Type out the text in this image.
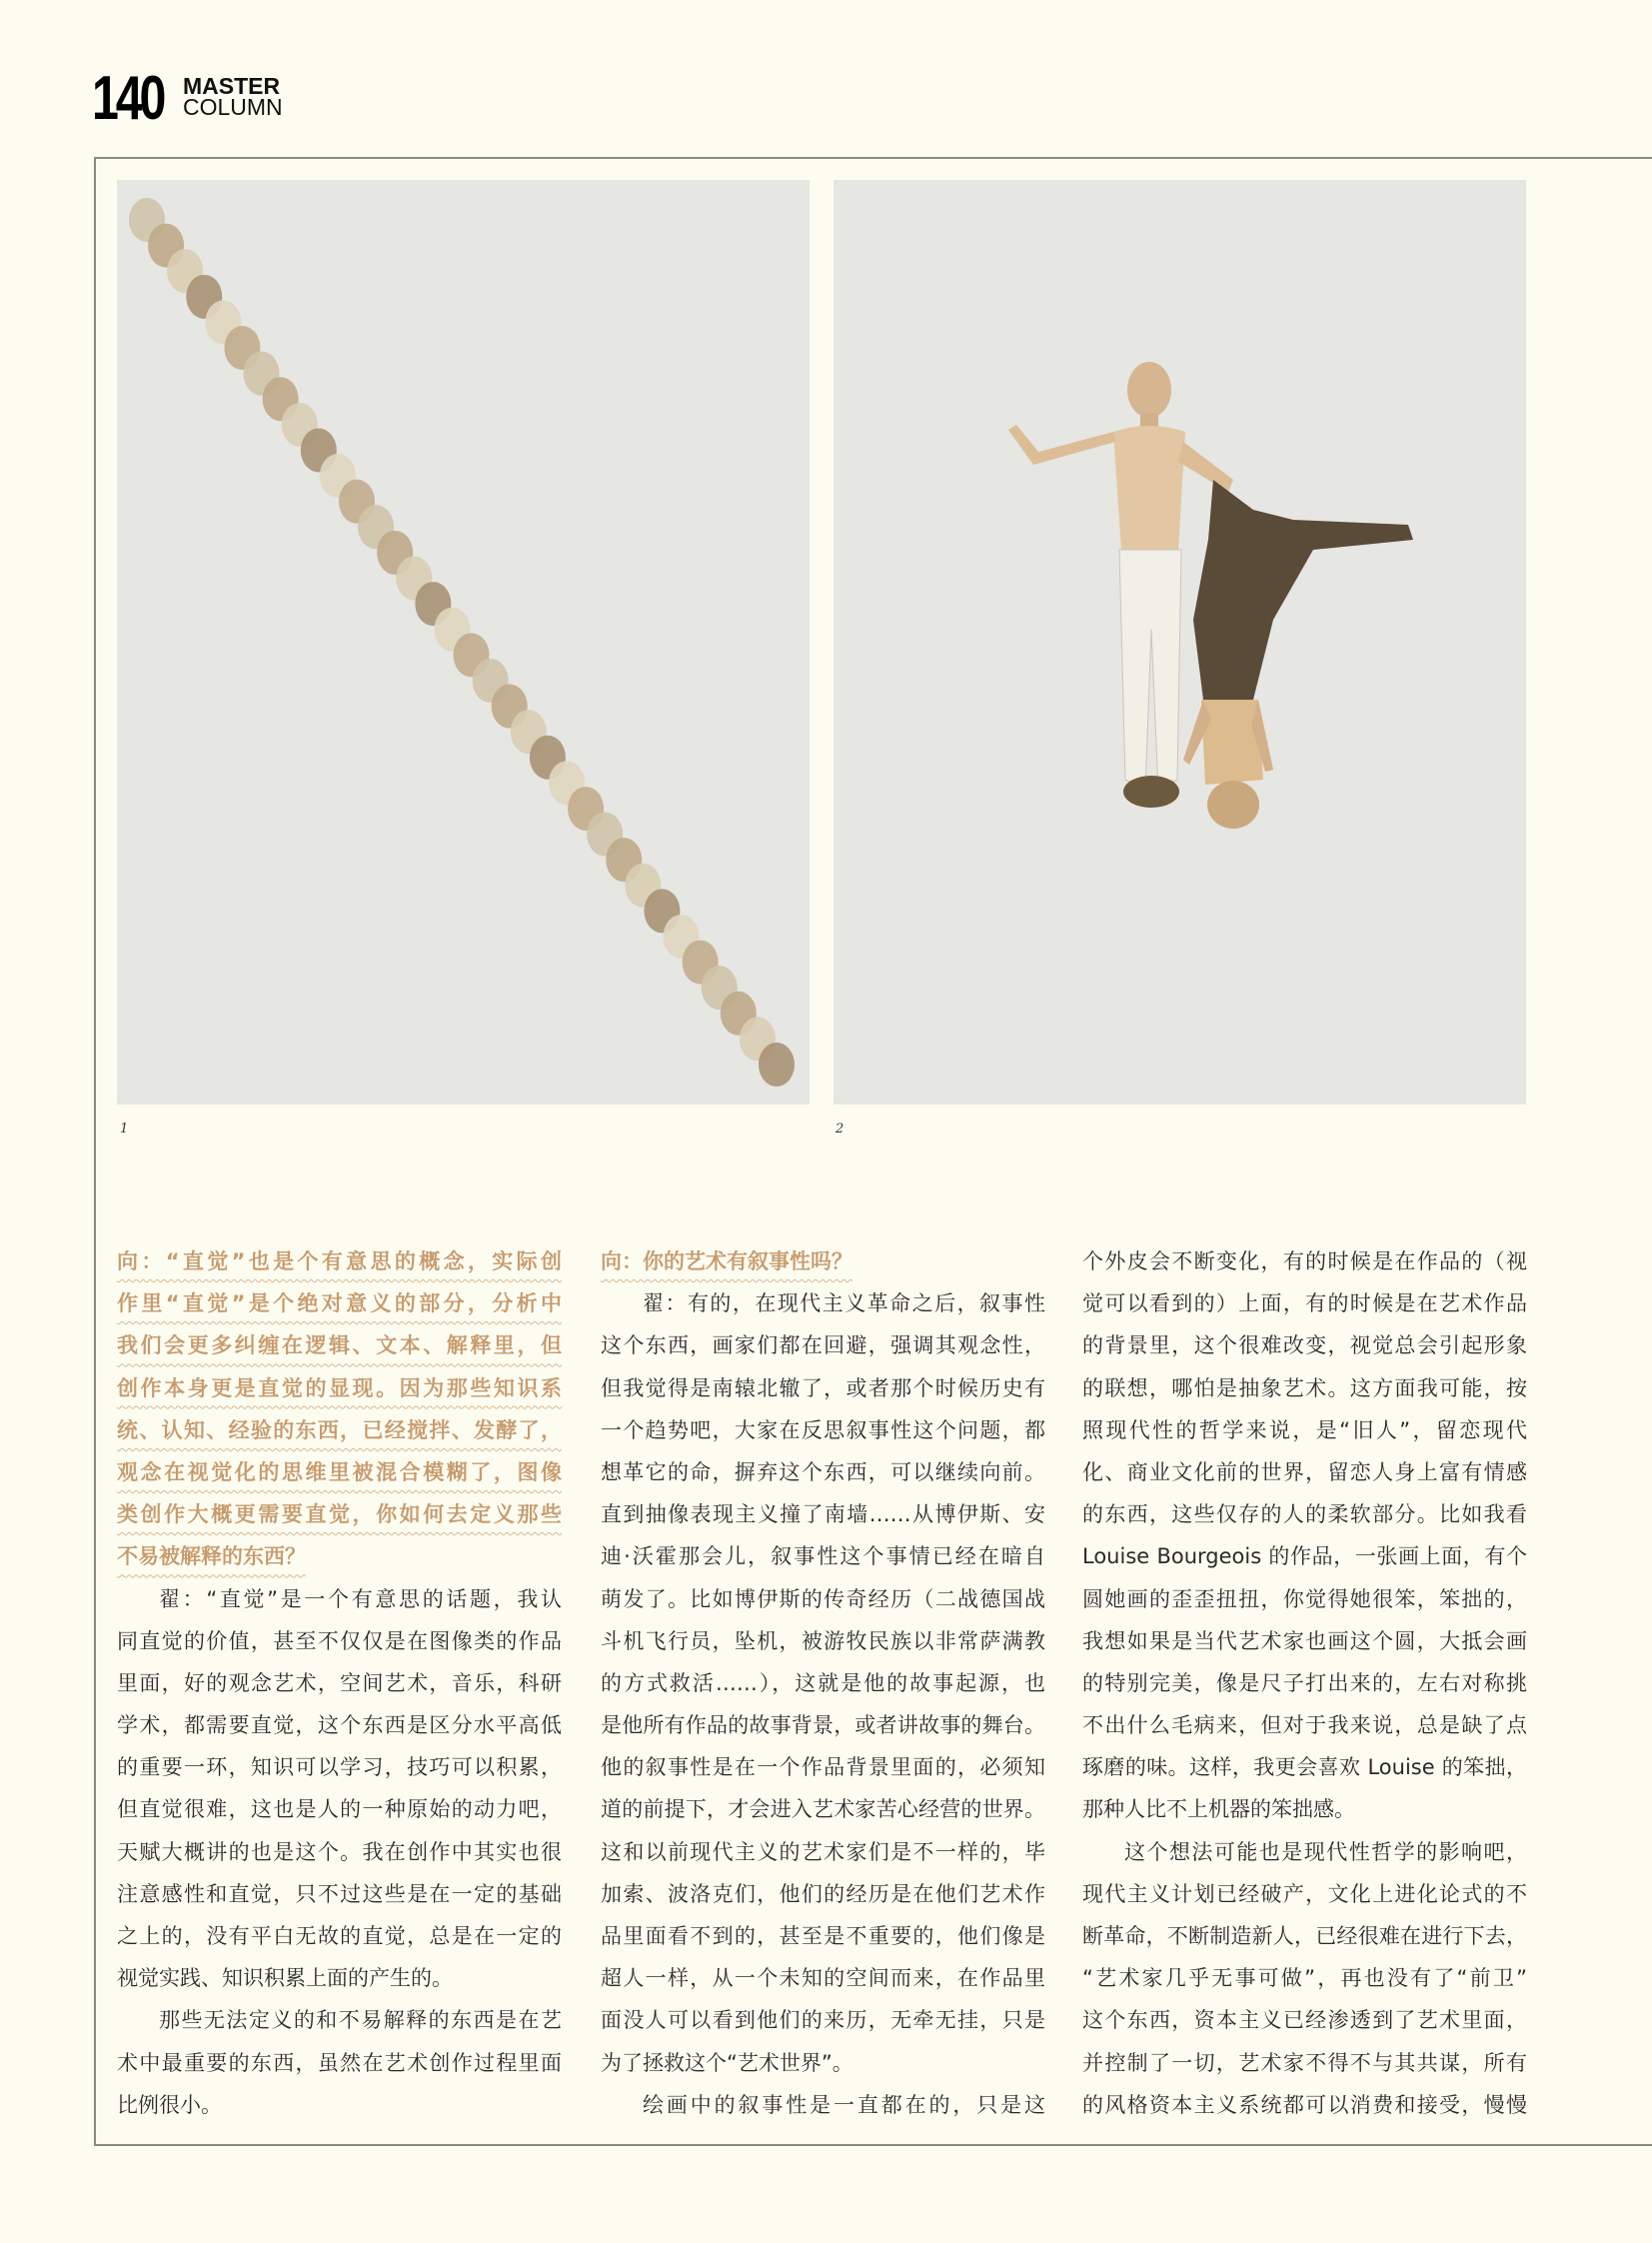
140 MASTER
COLUMN
1	2
向：“直觉”也是个有意思的概念，实际创
作里“直觉”是个绝对意义的部分，分析中
我们会更多纠缠在逻辑、文本、解释里，但
创作本身更是直觉的显现。因为那些知识系
统、认知、经验的东西，已经搅拌、发酵了，
观念在视觉化的思维里被混合模糊了，图像
类创作大概更需要直觉，你如何去定义那些
不易被解释的东西？
翟：“直觉”是一个有意思的话题，我认
同直觉的价值，甚至不仅仅是在图像类的作品
里面，好的观念艺术，空间艺术，音乐，科研
学术，都需要直觉，这个东西是区分水平高低
的重要一环，知识可以学习，技巧可以积累，
但直觉很难，这也是人的一种原始的动力吧，
天赋大概讲的也是这个。我在创作中其实也很
注意感性和直觉，只不过这些是在一定的基础
之上的，没有平白无故的直觉，总是在一定的
视觉实践、知识积累上面的产生的。
那些无法定义的和不易解释的东西是在艺
术中最重要的东西，虽然在艺术创作过程里面
比例很小。
向：你的艺术有叙事性吗？
翟：有的，在现代主义革命之后，叙事性
这个东西，画家们都在回避，强调其观念性，
但我觉得是南辕北辙了，或者那个时候历史有
一个趋势吧，大家在反思叙事性这个问题，都
想革它的命，摒弃这个东西，可以继续向前。
直到抽像表现主义撞了南墙……从博伊斯、安
迪·沃霍那会儿，叙事性这个事情已经在暗自
萌发了。比如博伊斯的传奇经历（二战德国战
斗机飞行员，坠机，被游牧民族以非常萨满教
的方式救活……），这就是他的故事起源，也
是他所有作品的故事背景，或者讲故事的舞台。
他的叙事性是在一个作品背景里面的，必须知
道的前提下，才会进入艺术家苦心经营的世界。
这和以前现代主义的艺术家们是不一样的，毕
加索、波洛克们，他们的经历是在他们艺术作
品里面看不到的，甚至是不重要的，他们像是
超人一样，从一个未知的空间而来，在作品里
面没人可以看到他们的来历，无牵无挂，只是
为了拯救这个“艺术世界”。
绘画中的叙事性是一直都在的，只是这
个外皮会不断变化，有的时候是在作品的（视
觉可以看到的）上面，有的时候是在艺术作品
的背景里，这个很难改变，视觉总会引起形象
的联想，哪怕是抽象艺术。这方面我可能，按
照现代性的哲学来说，是“旧人”，留恋现代
化、商业文化前的世界，留恋人身上富有情感
的东西，这些仅存的人的柔软部分。比如我看
Louise Bourgeois 的作品，一张画上面，有个
圆她画的歪歪扭扭，你觉得她很笨，笨拙的，
我想如果是当代艺术家也画这个圆，大抵会画
的特别完美，像是尺子打出来的，左右对称挑
不出什么毛病来，但对于我来说，总是缺了点
琢磨的味。这样，我更会喜欢 Louise 的笨拙，
那种人比不上机器的笨拙感。
这个想法可能也是现代性哲学的影响吧，
现代主义计划已经破产，文化上进化论式的不
断革命，不断制造新人，已经很难在进行下去，
“艺术家几乎无事可做”，再也没有了“前卫”
这个东西，资本主义已经渗透到了艺术里面，
并控制了一切，艺术家不得不与其共谋，所有
的风格资本主义系统都可以消费和接受，慢慢
